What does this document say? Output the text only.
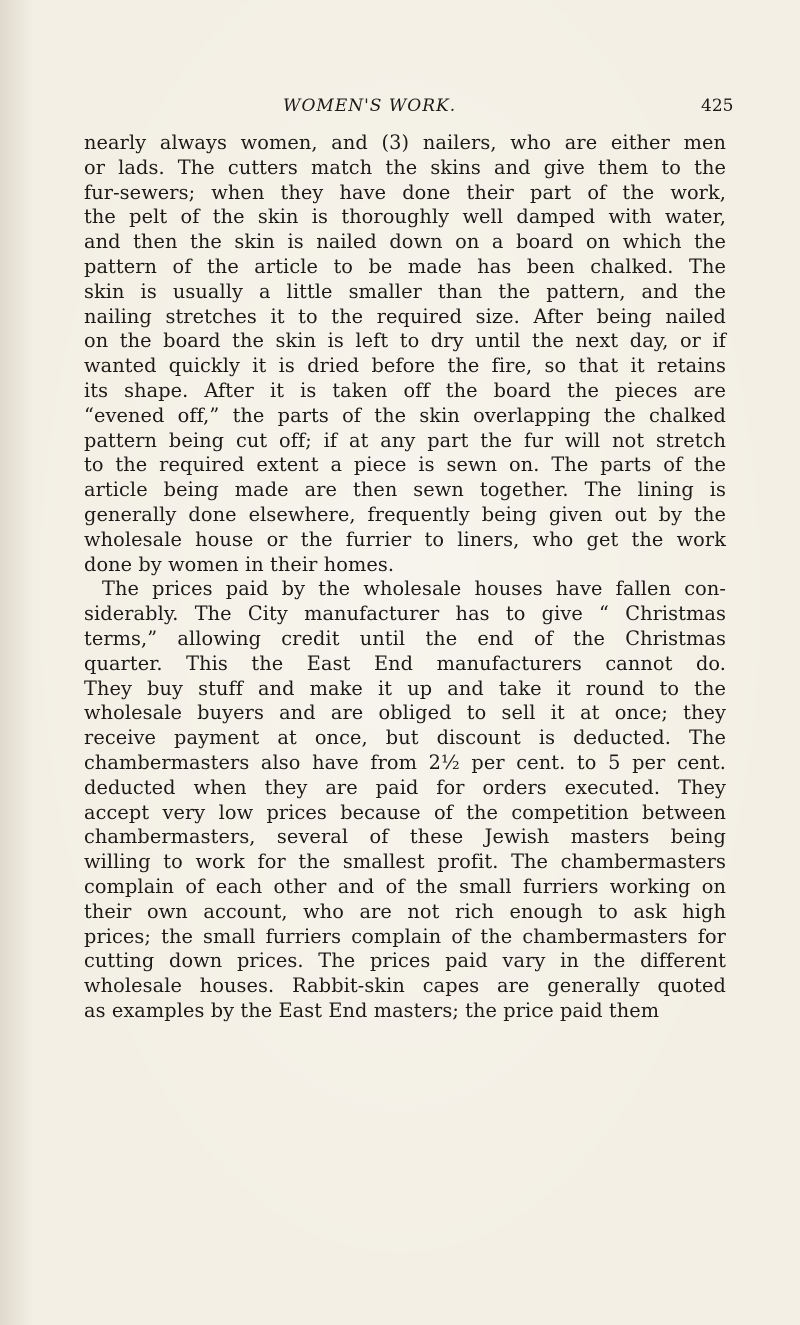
WOMEN'S WORK.	425
nearly always women, and (3) nailers, who are either men
or lads. The cutters match the skins and give them to the
fur-sewers; when they have done their part of the work,
the pelt of the skin is thoroughly well damped with water,
and then the skin is nailed down on a board on which the
pattern of the article to be made has been chalked. The
skin is usually a little smaller than the pattern, and the
nailing stretches it to the required size. After being nailed
on the board the skin is left to dry until the next day, or if
wanted quickly it is dried before the fire, so that it retains
its shape. After it is taken off the board the pieces are
“evened off,” the parts of the skin overlapping the chalked
pattern being cut off; if at any part the fur will not stretch
to the required extent a piece is sewn on. The parts of the
article being made are then sewn together. The lining is
generally done elsewhere, frequently being given out by the
wholesale house or the furrier to liners, who get the work
done by women in their homes.
The prices paid by the wholesale houses have fallen con-
siderably. The City manufacturer has to give “ Christmas
terms,” allowing credit until the end of the Christmas
quarter. This the East End manufacturers cannot do.
They buy stuff and make it up and take it round to the
wholesale buyers and are obliged to sell it at once; they
receive payment at once, but discount is deducted. The
chambermasters also have from 2½ per cent. to 5 per cent.
deducted when they are paid for orders executed. They
accept very low prices because of the competition between
chambermasters, several of these Jewish masters being
willing to work for the smallest profit. The chambermasters
complain of each other and of the small furriers working on
their own account, who are not rich enough to ask high
prices; the small furriers complain of the chambermasters for
cutting down prices. The prices paid vary in the different
wholesale houses. Rabbit-skin capes are generally quoted
as examples by the East End masters; the price paid them
